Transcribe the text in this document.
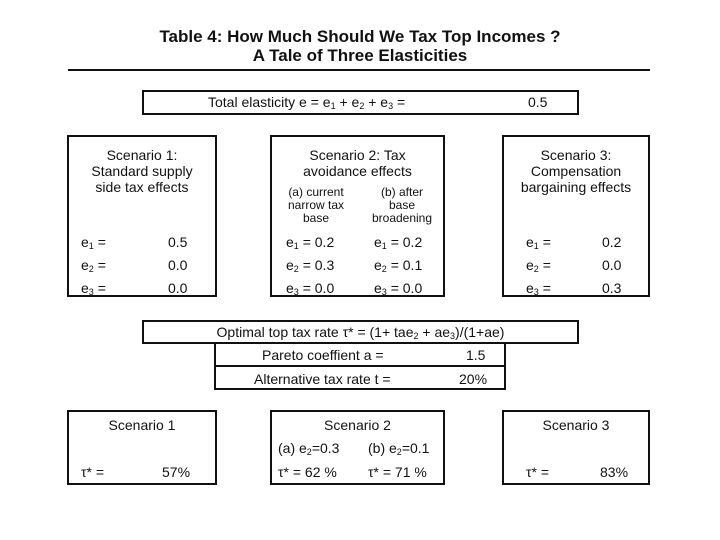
Table 4: How Much Should We Tax Top Incomes ?
A Tale of Three Elasticities
Total elasticity $e = e_1 + e_2 + e_3$ =	0.5
Scenario 1:
Standard supply
side tax effects
$e_1$ =	0.5
$e_2$ =	0.0
$e_3$ =	0.0
Scenario 2: Tax
avoidance effects
(a) current
narrow tax
base
(b) after
base
broadening
$e_1 = 0.2$	$e_1 = 0.2$
$e_2 = 0.3$	$e_2 = 0.1$
$e_3 = 0.0$	$e_3 = 0.0$
Scenario 3:
Compensation
bargaining effects
$e_1$ =	0.2
$e_2$ =	0.0
$e_3$ =	0.3
Optimal top tax rate $\tau* = (1+ tae_2 + ae_3)/(1+ae)$
Pareto coeffient a =	1.5
Alternative tax rate t =	20%
Scenario 1
τ* =	57%
Scenario 2
(a) $e_2=0.3$ (b) $e_2=0.1$
τ* = 62 % τ* = 71 %
Scenario 3
τ* =	83%
